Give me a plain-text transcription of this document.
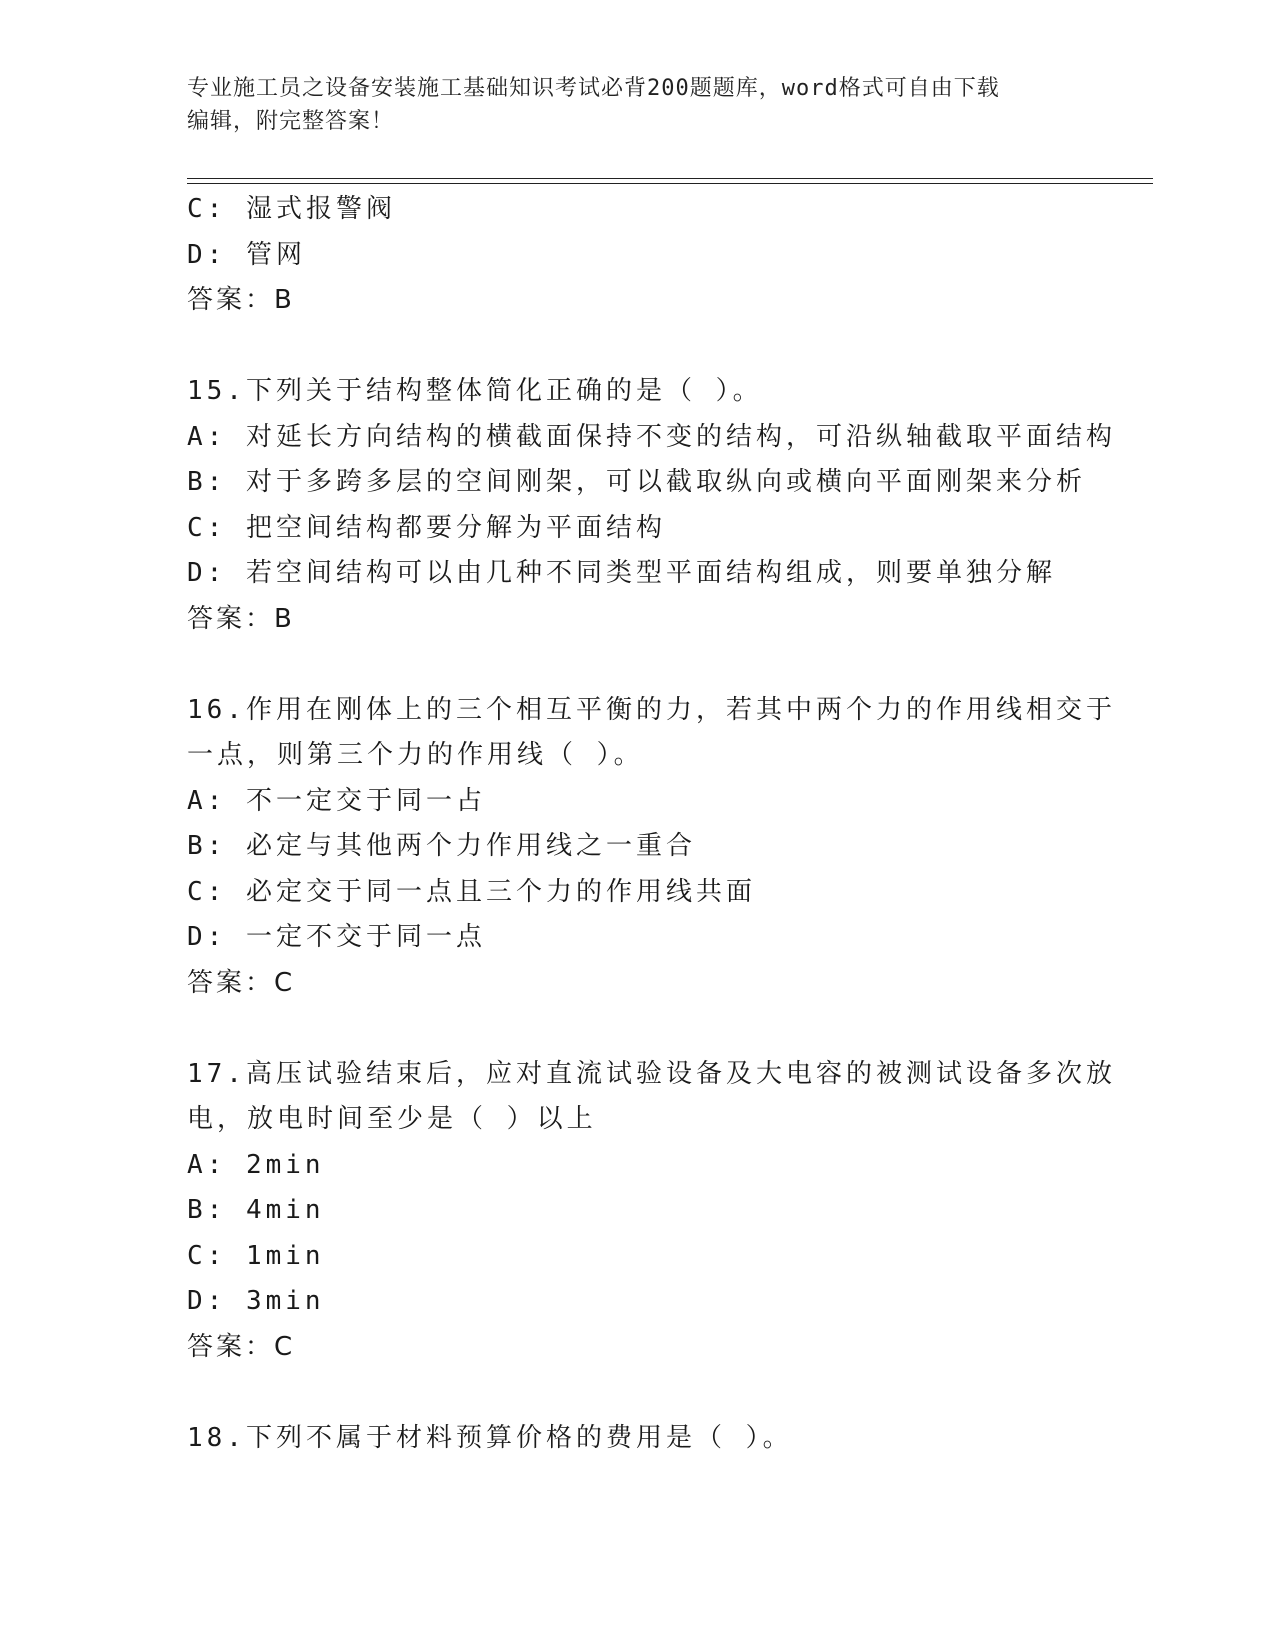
专业施工员之设备安装施工基础知识考试必背200题题库，word格式可自由下载
编辑，附完整答案！
C: 湿式报警阀
D: 管网
答案：B
15.下列关于结构整体简化正确的是（ ）。
A: 对延长方向结构的横截面保持不变的结构，可沿纵轴截取平面结构
B: 对于多跨多层的空间刚架，可以截取纵向或横向平面刚架来分析
C: 把空间结构都要分解为平面结构
D: 若空间结构可以由几种不同类型平面结构组成，则要单独分解
答案：B
16.作用在刚体上的三个相互平衡的力，若其中两个力的作用线相交于
一点，则第三个力的作用线（ ）。
A: 不一定交于同一占
B: 必定与其他两个力作用线之一重合
C: 必定交于同一点且三个力的作用线共面
D: 一定不交于同一点
答案：C
17.高压试验结束后，应对直流试验设备及大电容的被测试设备多次放
电，放电时间至少是（ ）以上
A: 2min
B: 4min
C: 1min
D: 3min
答案：C
18.下列不属于材料预算价格的费用是（ ）。
